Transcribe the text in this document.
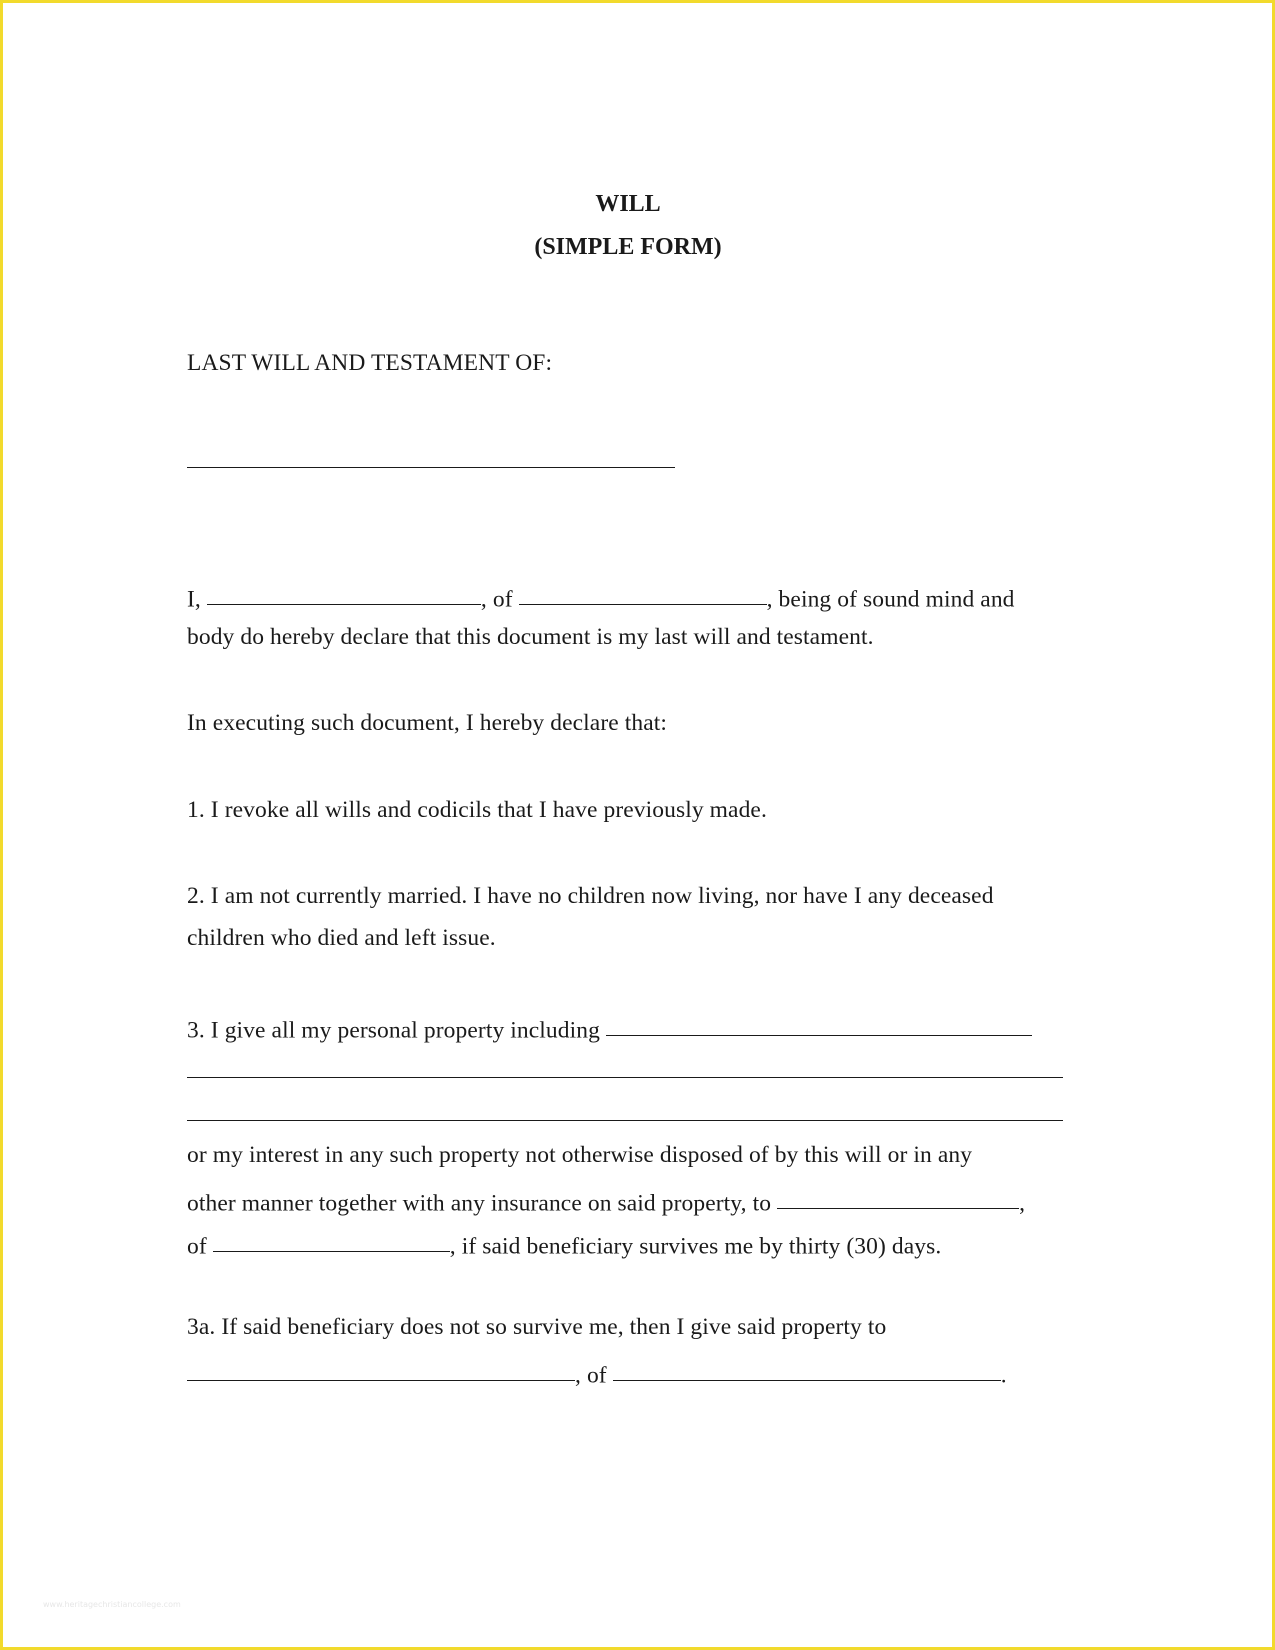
WILL
(SIMPLE FORM)
LAST WILL AND TESTAMENT OF:
I,	, of	, being of sound mind and
body do hereby declare that this document is my last will and testament.
In executing such document, I hereby declare that:
1. I revoke all wills and codicils that I have previously made.
2. I am not currently married. I have no children now living, nor have I any deceased
children who died and left issue.
3. I give all my personal property including
or my interest in any such property not otherwise disposed of by this will or in any
other manner together with any insurance on said property, to	,
of	, if said beneficiary survives me by thirty (30) days.
3a. If said beneficiary does not so survive me, then I give said property to
, of	.
www.heritagechristiancollege.com
